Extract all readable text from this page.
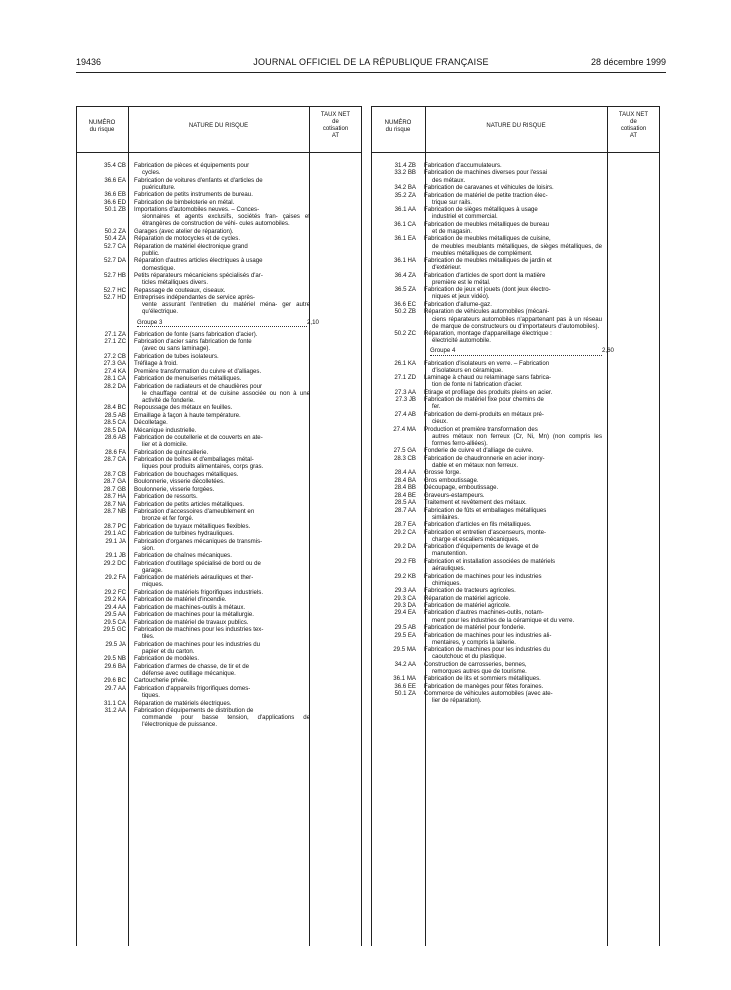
19436	JOURNAL OFFICIEL DE LA RÉPUBLIQUE FRANÇAISE	28 décembre 1999
NUMÉRO
du risque
NATURE DU RISQUE
TAUX NET
de
cotisation
AT
35.4 CB Fabrication de pièces et équipements pour
cycles.
36.6 EA Fabrication de voitures d'enfants et d'articles de
puériculture.
36.6 EB Fabrication de petits instruments de bureau.
36.6 ED Fabrication de bimbeloterie en métal.
50.1 ZB Importations d'automobiles neuves. – Conces-
sionnaires et agents exclusifs, sociétés fran- çaises et étrangères de construction de véhi- cules automobiles.
50.2 ZA Garages (avec atelier de réparation).
50.4 ZA Réparation de motocycles et de cycles.
52.7 CA Réparation de matériel électronique grand
public.
52.7 DA Réparation d'autres articles électriques à usage
domestique.
52.7 HB Petits réparateurs mécaniciens spécialisés d'ar-
ticles métalliques divers.
52.7 HC Repassage de couteaux, ciseaux.
52.7 HD Entreprises indépendantes de service après-
vente assurant l'entretien du matériel ména- ger autre qu'électrique.
Groupe 3	2,10
27.1 ZA Fabrication de fonte (sans fabrication d'acier).
27.1 ZC Fabrication d'acier sans fabrication de fonte
(avec ou sans laminage).
27.2 CB Fabrication de tubes isolateurs.
27.3 GA Tréfilage à froid.
27.4 KA Première transformation du cuivre et d'alliages.
28.1 CA Fabrication de menuiseries métalliques.
28.2 DA Fabrication de radiateurs et de chaudières pour
le chauffage central et de cuisine associée ou non à une activité de fonderie.
28.4 BC Repoussage des métaux en feuilles.
28.5 AB Emaillage à façon à haute température.
28.5 CA Décolletage.
28.5 DA Mécanique industrielle.
28.6 AB Fabrication de coutellerie et de couverts en ate-
lier et à domicile.
28.6 FA Fabrication de quincaillerie.
28.7 CA Fabrication de boîtes et d'emballages métal-
liques pour produits alimentaires, corps gras.
28.7 CB Fabrication de bouchages métalliques.
28.7 GA Boulonnerie, visserie décolletées.
28.7 GB Boulonnerie, visserie forgées.
28.7 HA Fabrication de ressorts.
28.7 NA Fabrication de petits articles métalliques.
28.7 NB Fabrication d'accessoires d'ameublement en
bronze et fer forgé.
28.7 PC Fabrication de tuyaux métalliques flexibles.
29.1 AC Fabrication de turbines hydrauliques.
29.1 JA Fabrication d'organes mécaniques de transmis-
sion.
29.1 JB Fabrication de chaînes mécaniques.
29.2 DC Fabrication d'outillage spécialisé de bord ou de
garage.
29.2 FA Fabrication de matériels aérauliques et ther-
miques.
29.2 FC Fabrication de matériels frigorifiques industriels.
29.2 KA Fabrication de matériel d'incendie.
29.4 AA Fabrication de machines-outils à métaux.
29.5 AA Fabrication de machines pour la métallurgie.
29.5 CA Fabrication de matériel de travaux publics.
29.5 GC Fabrication de machines pour les industries tex-
tiles.
29.5 JA Fabrication de machines pour les industries du
papier et du carton.
29.5 NB Fabrication de modèles.
29.6 BA Fabrication d'armes de chasse, de tir et de
défense avec outillage mécanique.
29.6 BC Cartoucherie privée.
29.7 AA Fabrication d'appareils frigorifiques domes-
tiques.
31.1 CA Réparation de matériels électriques.
31.2 AA Fabrication d'équipements de distribution de
commande pour basse tension, d'applications de l'électronique de puissance.
NUMÉRO
du risque
NATURE DU RISQUE
TAUX NET
de
cotisation
AT
31.4 ZB Fabrication d'accumulateurs.
33.2 BB Fabrication de machines diverses pour l'essai
des métaux.
34.2 BA Fabrication de caravanes et véhicules de loisirs.
35.2 ZA Fabrication de matériel de petite traction élec-
trique sur rails.
36.1 AA Fabrication de sièges métalliques à usage
industriel et commercial.
36.1 CA Fabrication de meubles métalliques de bureau
et de magasin.
36.1 EA Fabrication de meubles métalliques de cuisine,
de meubles meublants métalliques, de sièges métalliques, de meubles métalliques de complément.
36.1 HA Fabrication de meubles métalliques de jardin et
d'extérieur.
36.4 ZA Fabrication d'articles de sport dont la matière
première est le métal.
36.5 ZA Fabrication de jeux et jouets (dont jeux électro-
niques et jeux vidéo).
36.6 EC Fabrication d'allume-gaz.
50.2 ZB Réparation de véhicules automobiles (mécani-
ciens réparateurs automobiles n'appartenant pas à un réseau de marque de constructeurs ou d'importateurs d'automobiles).
50.2 ZC Réparation, montage d'appareillage électrique :
électricité automobile.
Groupe 4	2,60
26.1 KA Fabrication d'isolateurs en verre. – Fabrication
d'isolateurs en céramique.
27.1 ZD Laminage à chaud ou relaminage sans fabrica-
tion de fonte ni fabrication d'acier.
27.3 AA Etirage et profilage des produits pleins en acier.
27.3 JB Fabrication de matériel fixe pour chemins de
fer.
27.4 AB Fabrication de demi-produits en métaux pré-
cieux.
27.4 MA Production et première transformation des
autres métaux non ferreux (Cr, Ni, Mn) (non compris les formes ferro-alliées).
27.5 GA Fonderie de cuivre et d'alliage de cuivre.
28.3 CB Fabrication de chaudronnerie en acier inoxy-
dable et en métaux non ferreux.
28.4 AA Grosse forge.
28.4 BA Gros emboutissage.
28.4 BB Découpage, emboutissage.
28.4 BE Graveurs-estampeurs.
28.5 AA Traitement et revêtement des métaux.
28.7 AA Fabrication de fûts et emballages métalliques
similaires.
28.7 EA Fabrication d'articles en fils métalliques.
29.2 CA Fabrication et entretien d'ascenseurs, monte-
charge et escaliers mécaniques.
29.2 DA Fabrication d'équipements de levage et de
manutention.
29.2 FB Fabrication et installation associées de matériels
aérauliques.
29.2 KB Fabrication de machines pour les industries
chimiques.
29.3 AA Fabrication de tracteurs agricoles.
29.3 CA Réparation de matériel agricole.
29.3 DA Fabrication de matériel agricole.
29.4 EA Fabrication d'autres machines-outils, notam-
ment pour les industries de la céramique et du verre.
29.5 AB Fabrication de matériel pour fonderie.
29.5 EA Fabrication de machines pour les industries ali-
mentaires, y compris la laiterie.
29.5 MA Fabrication de machines pour les industries du
caoutchouc et du plastique.
34.2 AA Construction de carrosseries, bennes,
remorques autres que de tourisme.
36.1 MA Fabrication de lits et sommiers métalliques.
36.6 EE Fabrication de manèges pour fêtes foraines.
50.1 ZA Commerce de véhicules automobiles (avec ate-
lier de réparation).
